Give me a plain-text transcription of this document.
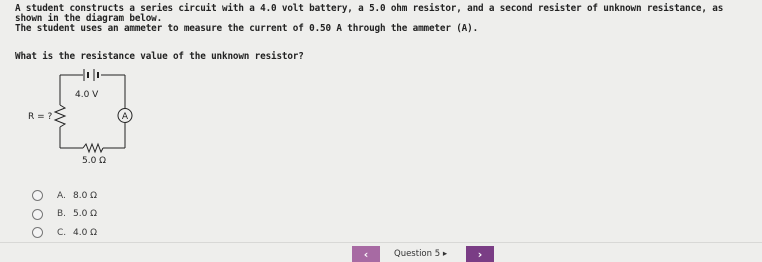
A student constructs a series circuit with a 4.0 volt battery, a 5.0 ohm resistor, and a second resister of unknown resistance, as shown in the diagram below.

The student uses an ammeter to measure the current of 0.50 A through the ammeter (A).

What is the resistance value of the unknown resistor?
4.0 V
R = ?	A
5.0 Ω
A. 8.0 Ω
B. 5.0 Ω
C. 4.0 Ω
‹	Question 5 ▸	›
